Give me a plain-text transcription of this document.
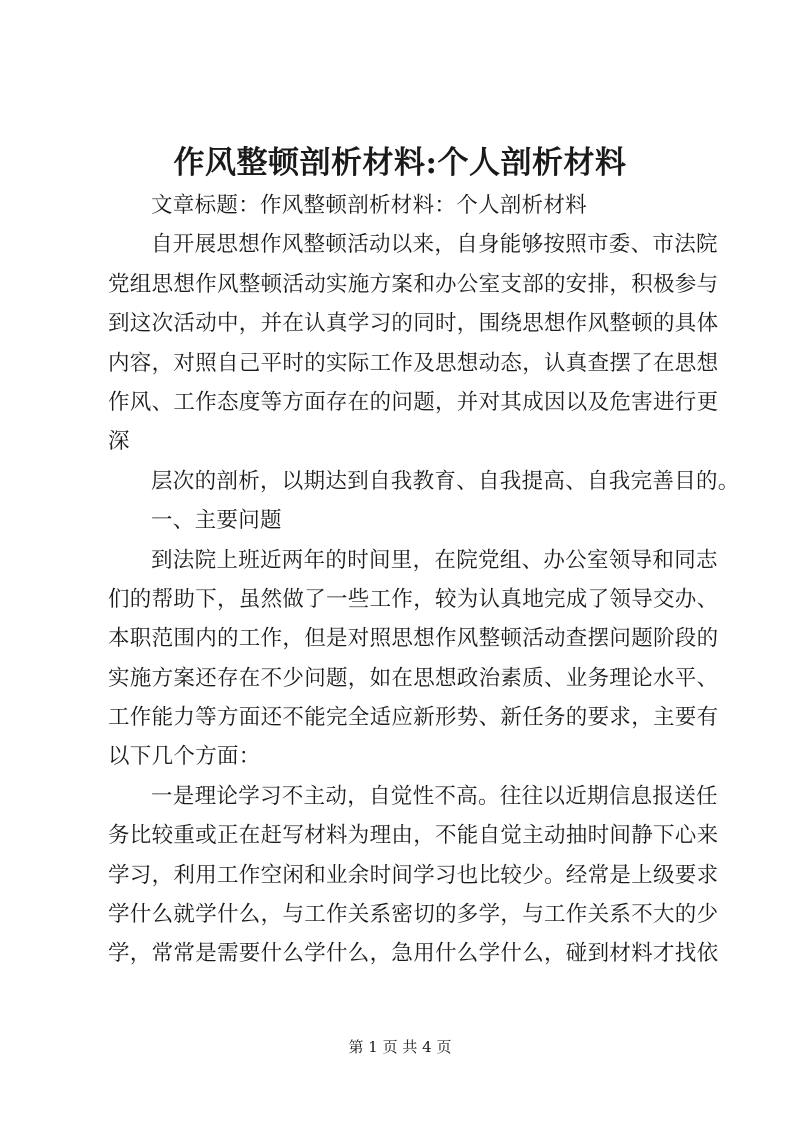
作风整顿剖析材料:个人剖析材料
文章标题：作风整顿剖析材料：个人剖析材料
自开展思想作风整顿活动以来，自身能够按照市委、市法院
党组思想作风整顿活动实施方案和办公室支部的安排，积极参与
到这次活动中，并在认真学习的同时，围绕思想作风整顿的具体
内容，对照自己平时的实际工作及思想动态，认真查摆了在思想
作风、工作态度等方面存在的问题，并对其成因以及危害进行更
深
层次的剖析，以期达到自我教育、自我提高、自我完善目的。
一、主要问题
到法院上班近两年的时间里，在院党组、办公室领导和同志
们的帮助下，虽然做了一些工作，较为认真地完成了领导交办、
本职范围内的工作，但是对照思想作风整顿活动查摆问题阶段的
实施方案还存在不少问题，如在思想政治素质、业务理论水平、
工作能力等方面还不能完全适应新形势、新任务的要求，主要有
以下几个方面：
一是理论学习不主动，自觉性不高。往往以近期信息报送任
务比较重或正在赶写材料为理由，不能自觉主动抽时间静下心来
学习，利用工作空闲和业余时间学习也比较少。经常是上级要求
学什么就学什么，与工作关系密切的多学，与工作关系不大的少
学，常常是需要什么学什么，急用什么学什么，碰到材料才找依
第 1 页 共 4 页
